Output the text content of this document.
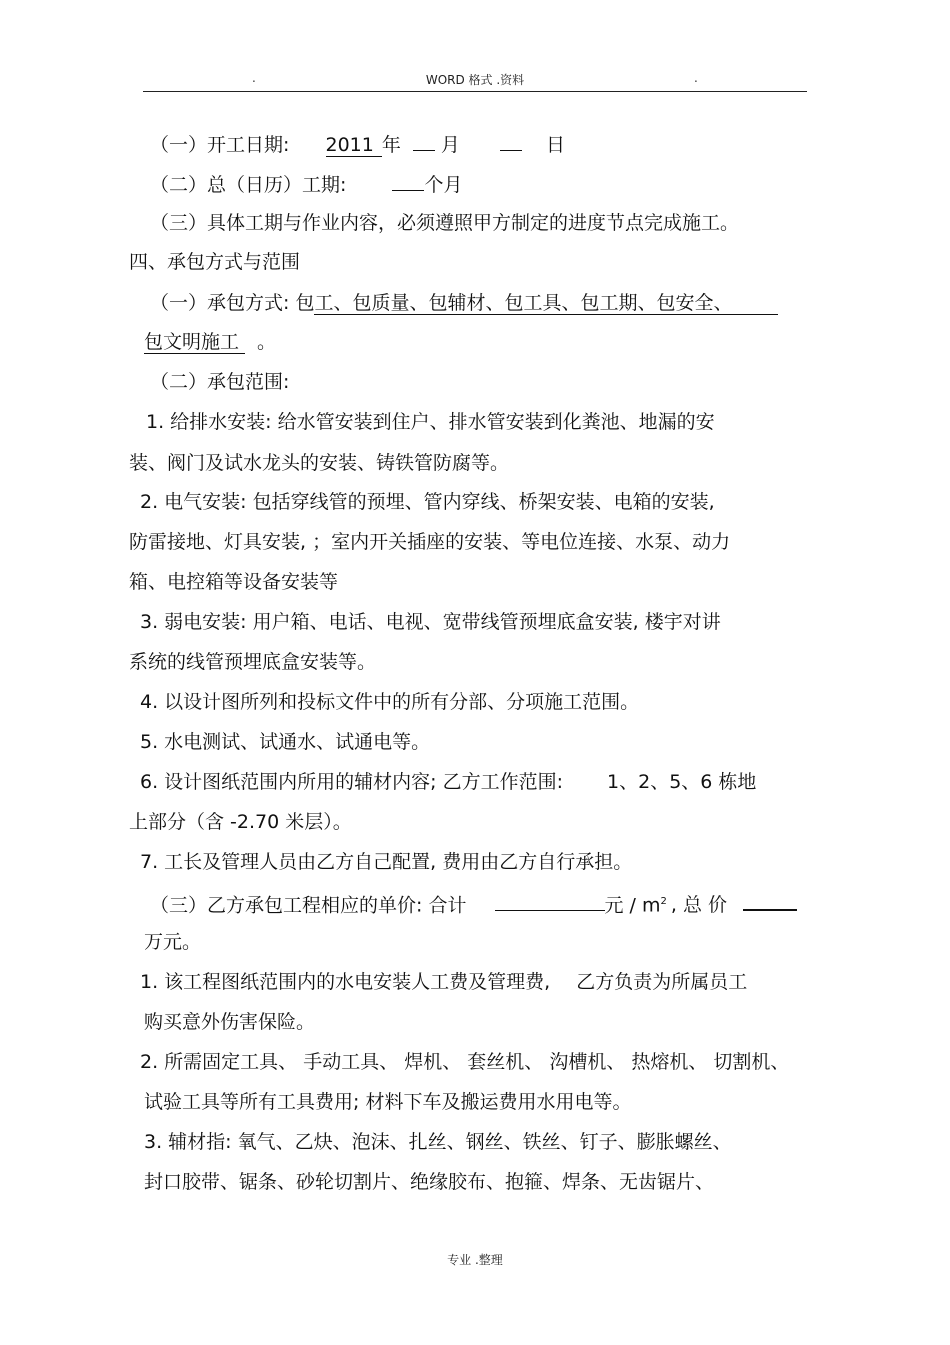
.	WORD 格式 .资料	.
（一）开工日期: 2011 年 月	日
（二）总（日历）工期:	个月
（三）具体工期与作业内容，必须遵照甲方制定的进度节点完成施工。
四、承包方式与范围
（一）承包方式: 包工、包质量、包辅材、包工具、包工期、包安全、
包文明施工 。
（二）承包范围:
1. 给排水安装: 给水管安装到住户、排水管安装到化粪池、地漏的安
装、阀门及试水龙头的安装、铸铁管防腐等。
2. 电气安装: 包括穿线管的预埋、管内穿线、桥架安装、电箱的安装,
防雷接地、灯具安装, ；室内开关插座的安装、等电位连接、水泵、动力
箱、电控箱等设备安装等
3. 弱电安装: 用户箱、电话、电视、宽带线管预埋底盒安装, 楼宇对讲
系统的线管预埋底盒安装等。
4. 以设计图所列和投标文件中的所有分部、分项施工范围。
5. 水电测试、试通水、试通电等。
6. 设计图纸范围内所用的辅材内容; 乙方工作范围: 1、2、5、6 栋地
上部分（含 -2.70 米层）。
7. 工长及管理人员由乙方自己配置, 费用由乙方自行承担。
（三）乙方承包工程相应的单价: 合计	元 / $m^2$ , 总 价
万元。
1. 该工程图纸范围内的水电安装人工费及管理费, 乙方负责为所属员工
购买意外伤害保险。
2. 所需固定工具、 手动工具、 焊机、 套丝机、 沟槽机、 热熔机、 切割机、
试验工具等所有工具费用; 材料下车及搬运费用水用电等。
3. 辅材指: 氧气、乙炔、泡沫、扎丝、钢丝、铁丝、钉子、膨胀螺丝、
封口胶带、锯条、砂轮切割片、绝缘胶布、抱箍、焊条、无齿锯片、
专业 .整理
